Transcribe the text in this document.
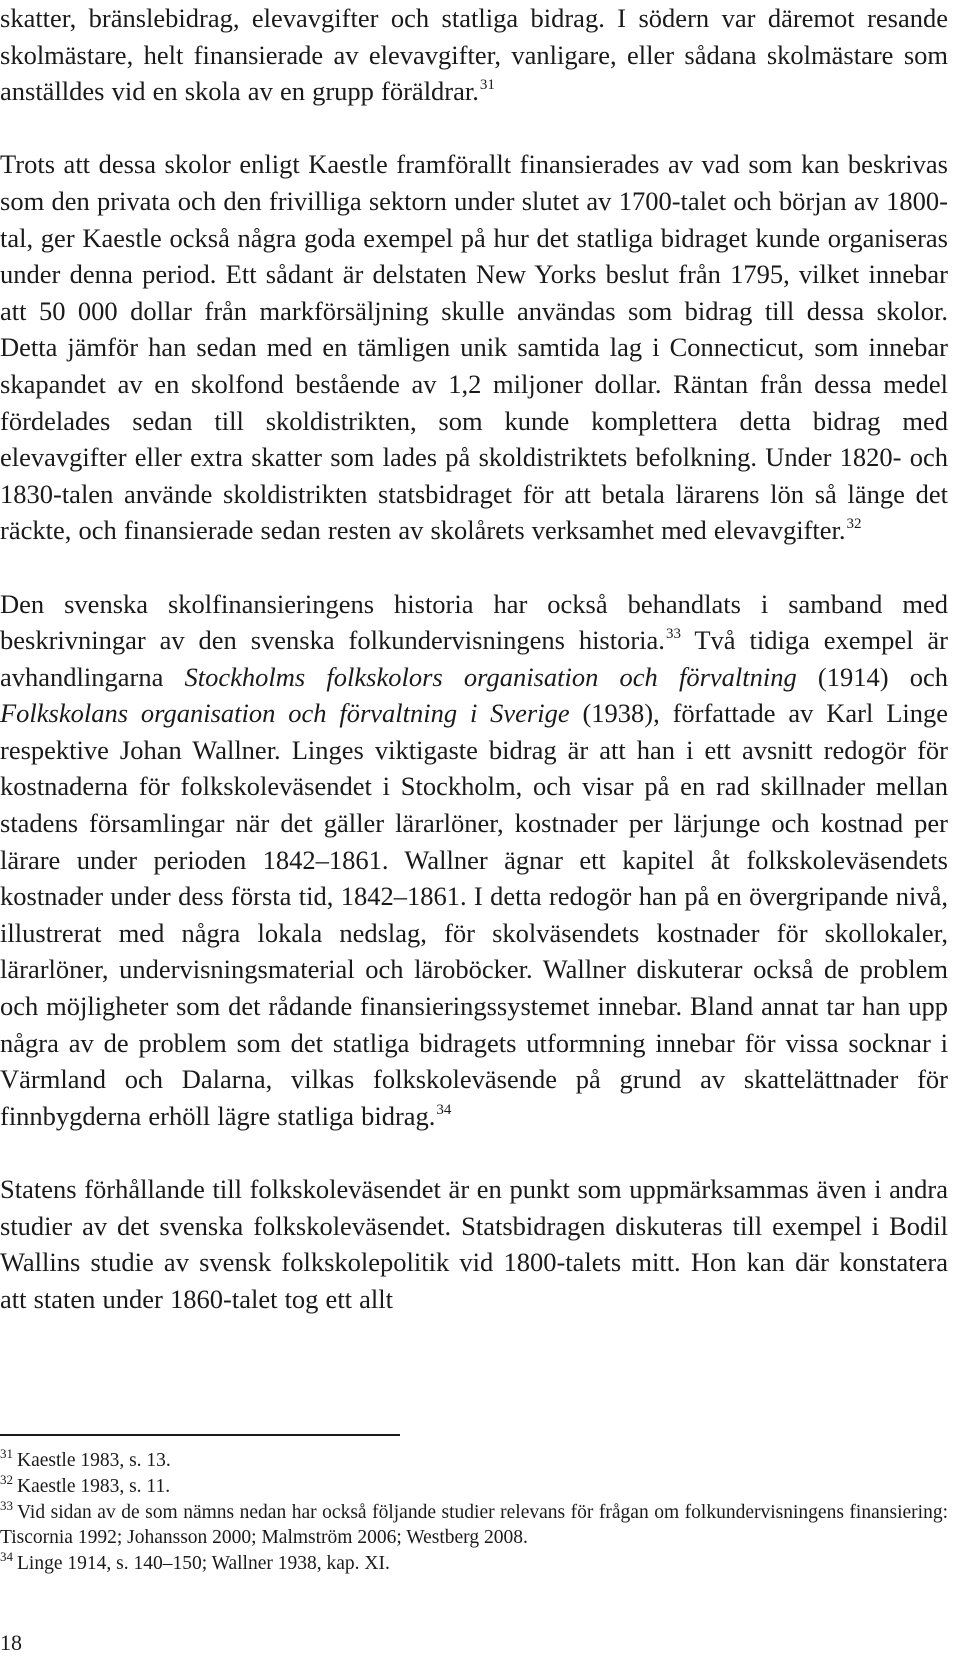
skatter, bränslebidrag, elevavgifter och statliga bidrag. I södern var däremot resande skolmästare, helt finansierade av elevavgifter, vanligare, eller sådana skolmästare som anställdes vid en skola av en grupp föräldrar.$^{31}$

Trots att dessa skolor enligt Kaestle framförallt finansierades av vad som kan beskrivas som den privata och den frivilliga sektorn under slutet av 1700-talet och början av 1800-tal, ger Kaestle också några goda exempel på hur det statliga bidraget kunde organiseras under denna period. Ett sådant är delstaten New Yorks beslut från 1795, vilket innebar att 50 000 dollar från markförsäljning skulle användas som bidrag till dessa skolor. Detta jämför han sedan med en tämligen unik samtida lag i Connecticut, som innebar skapandet av en skolfond bestående av 1,2 miljoner dollar. Räntan från dessa medel fördelades sedan till skoldistrikten, som kunde komplettera detta bidrag med elevavgifter eller extra skatter som lades på skoldistriktets befolkning. Under 1820- och 1830-talen använde skoldistrikten statsbidraget för att betala lärarens lön så länge det räckte, och finansierade sedan resten av skolårets verksamhet med elevavgifter.$^{32}$

Den svenska skolfinansieringens historia har också behandlats i samband med beskrivningar av den svenska folkundervisningens historia.$^{33}$ Två tidiga exempel är avhandlingarna Stockholms folkskolors organisation och förvaltning (1914) och Folkskolans organisation och förvaltning i Sverige (1938), författade av Karl Linge respektive Johan Wallner. Linges viktigaste bidrag är att han i ett avsnitt redogör för kostnaderna för folkskoleväsendet i Stockholm, och visar på en rad skillnader mellan stadens församlingar när det gäller lärarlöner, kostnader per lärjunge och kostnad per lärare under perioden 1842–1861. Wallner ägnar ett kapitel åt folkskoleväsendets kostnader under dess första tid, 1842–1861. I detta redogör han på en övergripande nivå, illustrerat med några lokala nedslag, för skolväsendets kostnader för skollokaler, lärarlöner, undervisningsmaterial och läroböcker. Wallner diskuterar också de problem och möjligheter som det rådande finansieringssystemet innebar. Bland annat tar han upp några av de problem som det statliga bidragets utformning innebar för vissa socknar i Värmland och Dalarna, vilkas folkskoleväsende på grund av skattelättnader för finnbygderna erhöll lägre statliga bidrag.$^{34}$

Statens förhållande till folkskoleväsendet är en punkt som uppmärksammas även i andra studier av det svenska folkskoleväsendet. Statsbidragen diskuteras till exempel i Bodil Wallins studie av svensk folkskolepolitik vid 1800-talets mitt. Hon kan där konstatera att staten under 1860-talet tog ett allt

$^{31}$ Kaestle 1983, s. 13.

$^{32}$ Kaestle 1983, s. 11.

$^{33}$ Vid sidan av de som nämns nedan har också följande studier relevans för frågan om folkundervisningens finansiering: Tiscornia 1992; Johansson 2000; Malmström 2006; Westberg 2008.

$^{34}$ Linge 1914, s. 140–150; Wallner 1938, kap. XI.

18
